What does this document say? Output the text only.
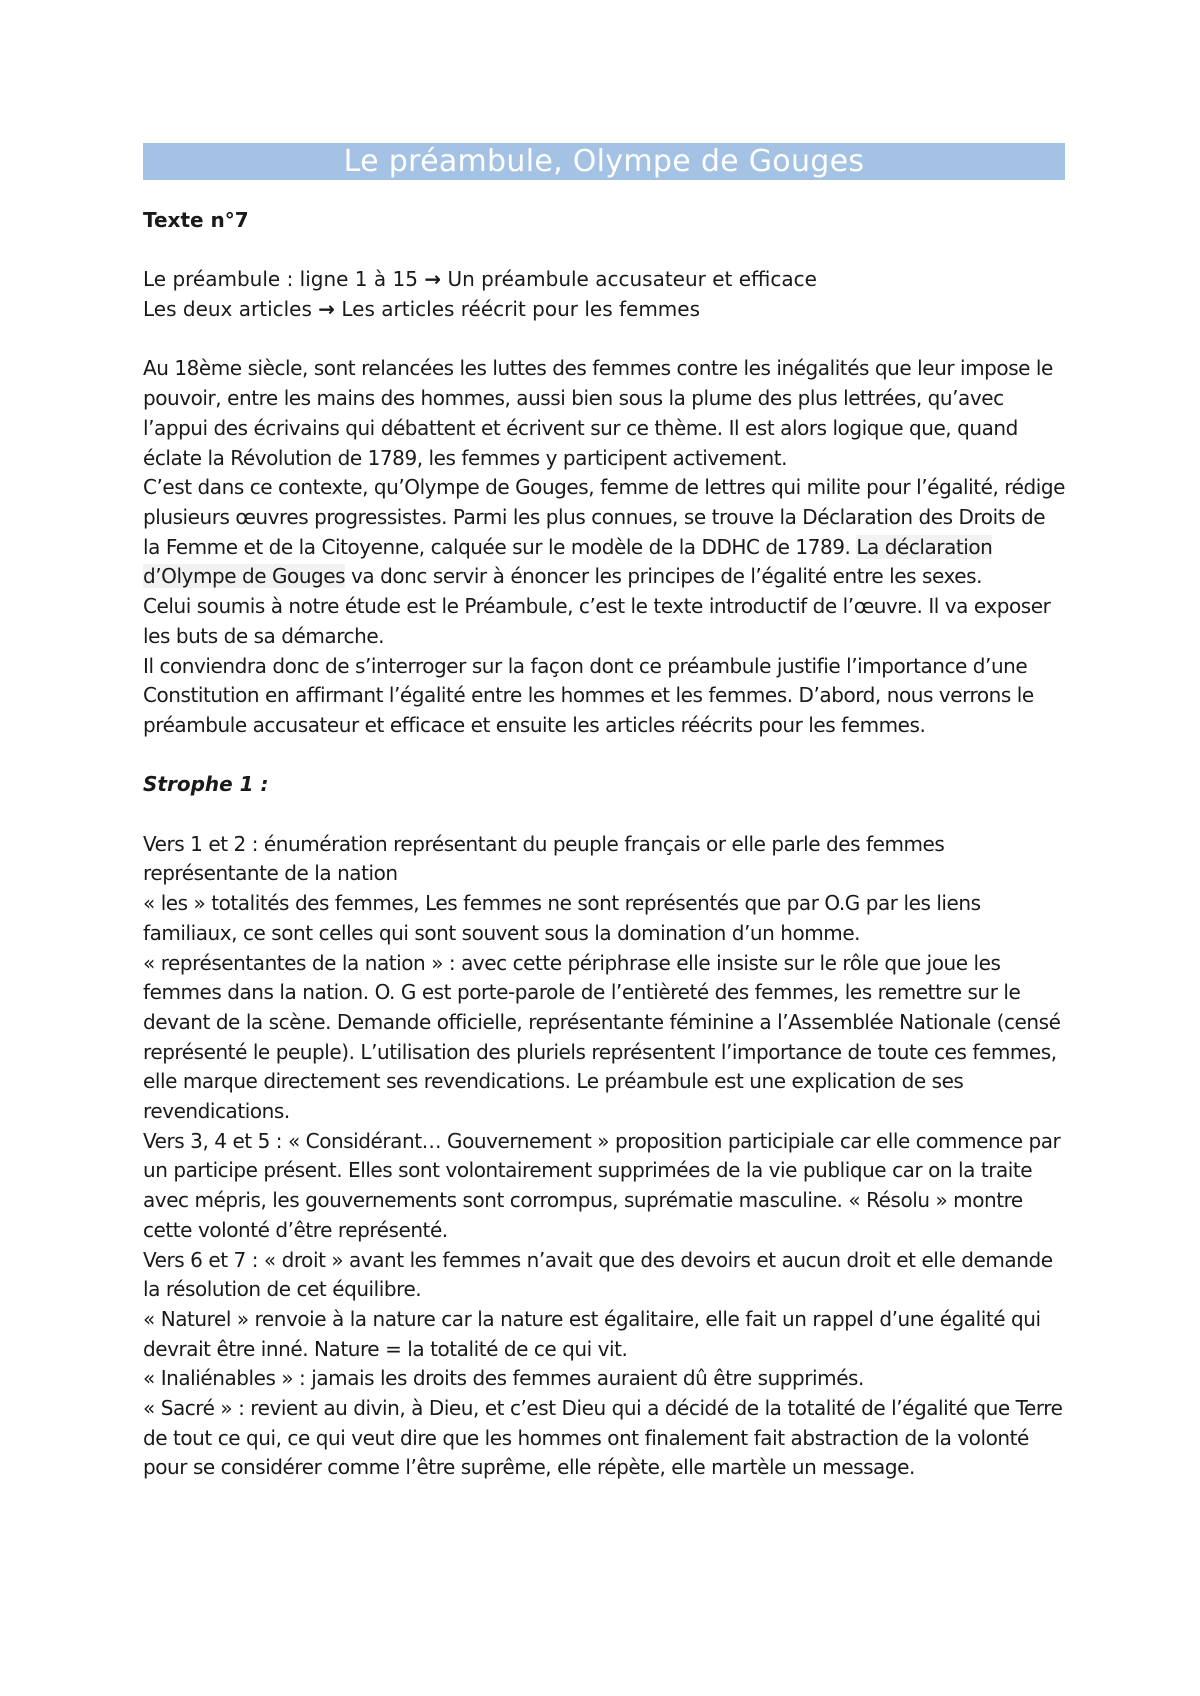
Le préambule, Olympe de Gouges
Texte n°7
Le préambule : ligne 1 à 15 → Un préambule accusateur et efficace
Les deux articles → Les articles réécrit pour les femmes

Au 18ème siècle, sont relancées les luttes des femmes contre les inégalités que leur impose le pouvoir, entre les mains des hommes, aussi bien sous la plume des plus lettrées, qu’avec l’appui des écrivains qui débattent et écrivent sur ce thème. Il est alors logique que, quand éclate la Révolution de 1789, les femmes y participent activement.

C’est dans ce contexte, qu’Olympe de Gouges, femme de lettres qui milite pour l’égalité, rédige plusieurs œuvres progressistes. Parmi les plus connues, se trouve la Déclaration des Droits de la Femme et de la Citoyenne, calquée sur le modèle de la DDHC de 1789. La déclaration d’Olympe de Gouges va donc servir à énoncer les principes de l’égalité entre les sexes.

Celui soumis à notre étude est le Préambule, c’est le texte introductif de l’œuvre. Il va exposer les buts de sa démarche.

Il conviendra donc de s’interroger sur la façon dont ce préambule justifie l’importance d’une Constitution en affirmant l’égalité entre les hommes et les femmes. D’abord, nous verrons le préambule accusateur et efficace et ensuite les articles réécrits pour les femmes.

Strophe 1 :

Vers 1 et 2 : énumération représentant du peuple français or elle parle des femmes représentante de la nation

« les » totalités des femmes, Les femmes ne sont représentés que par O.G par les liens familiaux, ce sont celles qui sont souvent sous la domination d’un homme.

« représentantes de la nation » : avec cette périphrase elle insiste sur le rôle que joue les femmes dans la nation. O. G est porte-parole de l’entièreté des femmes, les remettre sur le devant de la scène. Demande officielle, représentante féminine a l’Assemblée Nationale (censé représenté le peuple). L’utilisation des pluriels représentent l’importance de toute ces femmes, elle marque directement ses revendications. Le préambule est une explication de ses revendications.

Vers 3, 4 et 5 : « Considérant… Gouvernement » proposition participiale car elle commence par un participe présent. Elles sont volontairement supprimées de la vie publique car on la traite avec mépris, les gouvernements sont corrompus, suprématie masculine. « Résolu » montre cette volonté d’être représenté.

Vers 6 et 7 : « droit » avant les femmes n’avait que des devoirs et aucun droit et elle demande la résolution de cet équilibre.

« Naturel » renvoie à la nature car la nature est égalitaire, elle fait un rappel d’une égalité qui devrait être inné. Nature = la totalité de ce qui vit.

« Inaliénables » : jamais les droits des femmes auraient dû être supprimés.

« Sacré » : revient au divin, à Dieu, et c’est Dieu qui a décidé de la totalité de l’égalité que Terre de tout ce qui, ce qui veut dire que les hommes ont finalement fait abstraction de la volonté pour se considérer comme l’être suprême, elle répète, elle martèle un message.
